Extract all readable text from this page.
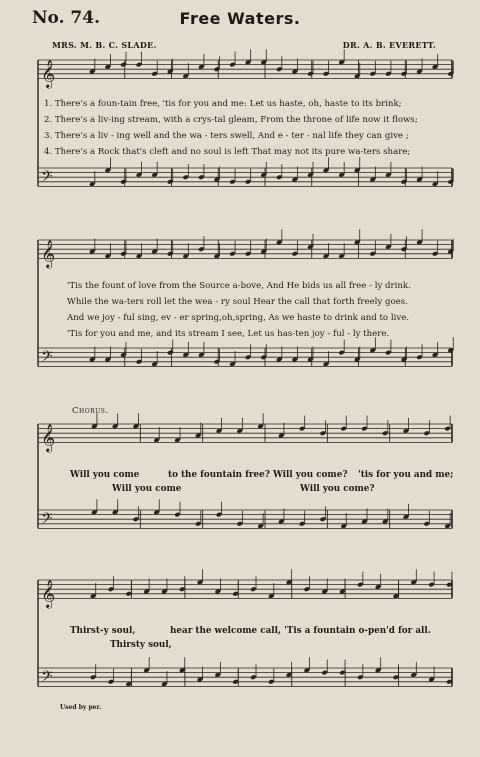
No. 74.	Free Waters.
MRS. M. B. C. SLADE.	DR. A. B. EVERETT.
𝄞
𝄢
𝄞
𝄢
𝄞
𝄢
𝄞
𝄢
1. There's a foun-tain free, 'tis for you and me: Let us haste, oh, haste to its brink;
2. There's a liv-ing stream, with a crys-tal gleam, From the throne of life now it flows;
3. There's a liv - ing well and the wa - ters swell, And e - ter - nal life they can give ;
4. There's a Rock that's cleft and no soul is left That may not its pure wa-ters share;
'Tis the fount of love from the Source a-bove, And He bids us all free - ly drink.
While the wa-ters roll let the wea - ry soul Hear the call that forth freely goes.
And we joy - ful sing, ev - er spring,oh,spring, As we haste to drink and to live.
'Tis for you and me, and its stream I see, Let us has-ten joy - ful - ly there.
Chorus.
Will you come	to the fountain free? Will you come? 'tis for you and me;
Will you come	Will you come?
Thirst-y soul,	hear the welcome call, 'Tis a fountain o-pen'd for all.
Thirsty soul,
Used by per.
